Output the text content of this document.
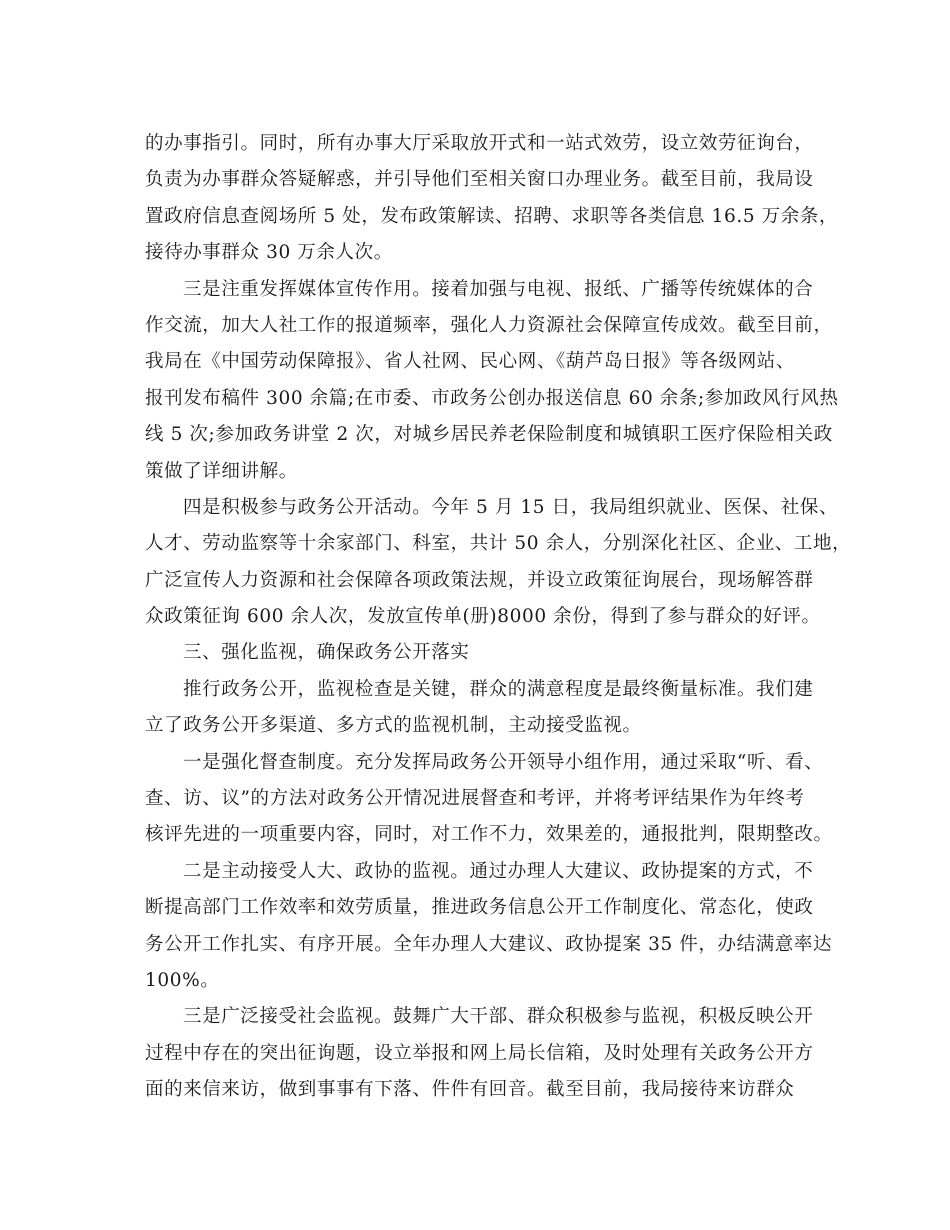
的办事指引。同时，所有办事大厅采取放开式和一站式效劳，设立效劳征询台，
负责为办事群众答疑解惑，并引导他们至相关窗口办理业务。截至目前，我局设
置政府信息查阅场所 5 处，发布政策解读、招聘、求职等各类信息 16.5 万余条，
接待办事群众 30 万余人次。
三是注重发挥媒体宣传作用。接着加强与电视、报纸、广播等传统媒体的合
作交流，加大人社工作的报道频率，强化人力资源社会保障宣传成效。截至目前，
我局在《中国劳动保障报》、省人社网、民心网、《葫芦岛日报》等各级网站、
报刊发布稿件 300 余篇;在市委、市政务公创办报送信息 60 余条;参加政风行风热
线 5 次;参加政务讲堂 2 次，对城乡居民养老保险制度和城镇职工医疗保险相关政
策做了详细讲解。
四是积极参与政务公开活动。今年 5 月 15 日，我局组织就业、医保、社保、
人才、劳动监察等十余家部门、科室，共计 50 余人，分别深化社区、企业、工地，
广泛宣传人力资源和社会保障各项政策法规，并设立政策征询展台，现场解答群
众政策征询 600 余人次，发放宣传单(册)8000 余份，得到了参与群众的好评。
三、强化监视，确保政务公开落实
推行政务公开，监视检查是关键，群众的满意程度是最终衡量标准。我们建
立了政务公开多渠道、多方式的监视机制，主动接受监视。
一是强化督查制度。充分发挥局政务公开领导小组作用，通过采取“听、看、
查、访、议”的方法对政务公开情况进展督查和考评，并将考评结果作为年终考
核评先进的一项重要内容，同时，对工作不力，效果差的，通报批判，限期整改。
二是主动接受人大、政协的监视。通过办理人大建议、政协提案的方式，不
断提高部门工作效率和效劳质量，推进政务信息公开工作制度化、常态化，使政
务公开工作扎实、有序开展。全年办理人大建议、政协提案 35 件，办结满意率达
100%。
三是广泛接受社会监视。鼓舞广大干部、群众积极参与监视，积极反映公开
过程中存在的突出征询题，设立举报和网上局长信箱，及时处理有关政务公开方
面的来信来访，做到事事有下落、件件有回音。截至目前，我局接待来访群众
